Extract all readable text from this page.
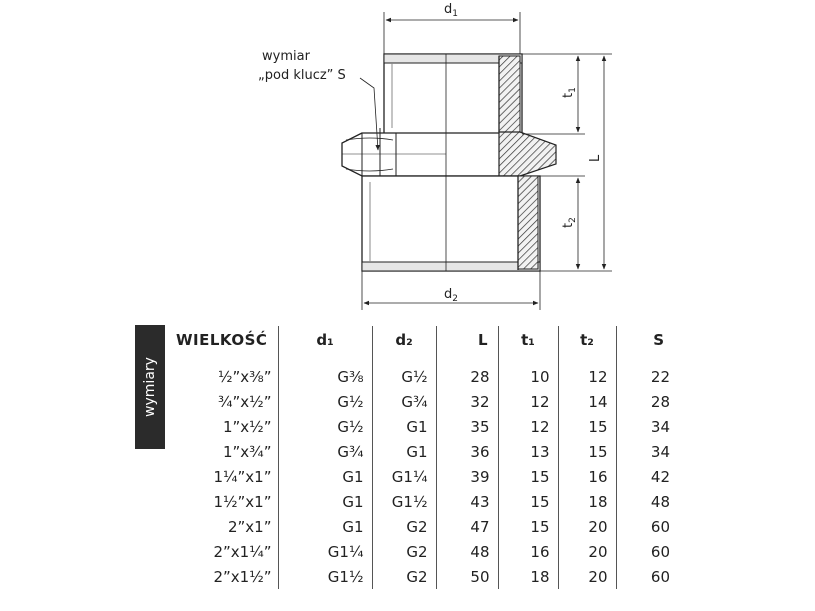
$d_1$
$d_2$
$t_1$
$t_2$
L
wymiar
„pod klucz” S
wymiary
WIELKOŚĆ	d₁	d₂	L	t₁	t₂	S

½”x⅜”	G⅜	G½	28	10	12	22
¾”x½”	G½	G¾	32	12	14	28
1”x½”	G½	G1	35	12	15	34
1”x¾”	G¾	G1	36	13	15	34
1¼”x1”	G1	G1¼	39	15	16	42
1½”x1”	G1	G1½	43	15	18	48
2”x1”	G1	G2	47	15	20	60
2”x1¼”	G1¼	G2	48	16	20	60
2”x1½”	G1½	G2	50	18	20	60
